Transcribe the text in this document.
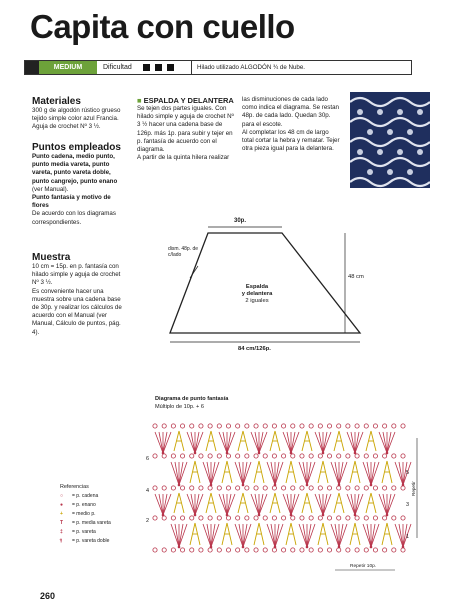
Capita con cuello
MEDIUM	Dificultad	Hilado utilizado ALGODÓN ¾ de Nube.
Materiales
300 g de algodón rústico grueso tejido simple color azul Francia. Aguja de crochet Nº 3 ½.
Puntos empleados
Punto cadena, medio punto, punto media vareta, punto vareta, punto vareta doble, punto cangrejo, punto enano
(ver Manual).
Punto fantasía y motivo de flores
De acuerdo con los diagramas correspondientes.
Muestra
10 cm = 15p. en p. fantasía con hilado simple y aguja de crochet Nº 3 ½.
Es conveniente hacer una muestra sobre una cadena base de 30p. y realizar los cálculos de acuerdo con el Manual (ver Manual, Cálculo de puntos, pág. 4).
■ ESPALDA Y DELANTERA
Se tejen dos partes iguales. Con hilado simple y aguja de crochet Nº 3 ½ hacer una cadena base de 126p. más 1p. para subir y tejer en p. fantasía de acuerdo con el diagrama.
A partir de la quinta hilera realizar
las disminuciones de cada lado como indica el diagrama. Se restan 48p. de cada lado. Quedan 30p. para el escote.
Al completar los 48 cm de largo total cortar la hebra y rematar. Tejer otra pieza igual para la delantera.
30p.
dism. 48p. de c/lado
Espalda
y delantera
2 iguales
48 cm
84 cm/126p.
Diagrama de punto fantasía
Múltiplo de 10p. + 6
6
5
4
3
2
1
Repetir
Repetir 10p.
Referencias
○ = p. cadena
● = p. enano
+ = medio p.
T = p. media vareta
‡ = p. vareta
⫯ = p. vareta doble
260
